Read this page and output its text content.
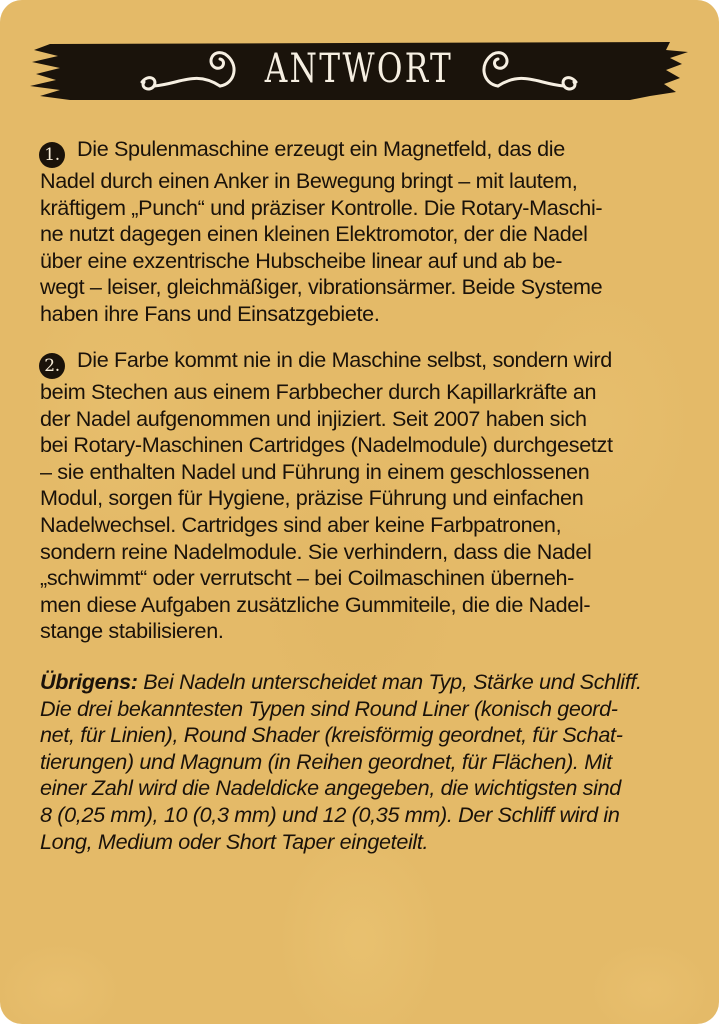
ANTWORT

1. Die Spulenmaschine erzeugt ein Magnetfeld, das die
Nadel durch einen Anker in Bewegung bringt – mit lautem,
kräftigem „Punch“ und präziser Kontrolle. Die Rotary-Maschi-
ne nutzt dagegen einen kleinen Elektromotor, der die Nadel
über eine exzentrische Hubscheibe linear auf und ab be-
wegt – leiser, gleichmäßiger, vibrationsärmer. Beide Systeme
haben ihre Fans und Einsatzgebiete.

2. Die Farbe kommt nie in die Maschine selbst, sondern wird
beim Stechen aus einem Farbbecher durch Kapillarkräfte an
der Nadel aufgenommen und injiziert. Seit 2007 haben sich
bei Rotary-Maschinen Cartridges (Nadelmodule) durchgesetzt
– sie enthalten Nadel und Führung in einem geschlossenen
Modul, sorgen für Hygiene, präzise Führung und einfachen
Nadelwechsel. Cartridges sind aber keine Farbpatronen,
sondern reine Nadelmodule. Sie verhindern, dass die Nadel
„schwimmt“ oder verrutscht – bei Coilmaschinen überneh-
men diese Aufgaben zusätzliche Gummiteile, die die Nadel-
stange stabilisieren.

Übrigens: Bei Nadeln unterscheidet man Typ, Stärke und Schliff.
Die drei bekanntesten Typen sind Round Liner (konisch geord-
net, für Linien), Round Shader (kreisförmig geordnet, für Schat-
tierungen) und Magnum (in Reihen geordnet, für Flächen). Mit
einer Zahl wird die Nadeldicke angegeben, die wichtigsten sind
8 (0,25 mm), 10 (0,3 mm) und 12 (0,35 mm). Der Schliff wird in
Long, Medium oder Short Taper eingeteilt.
